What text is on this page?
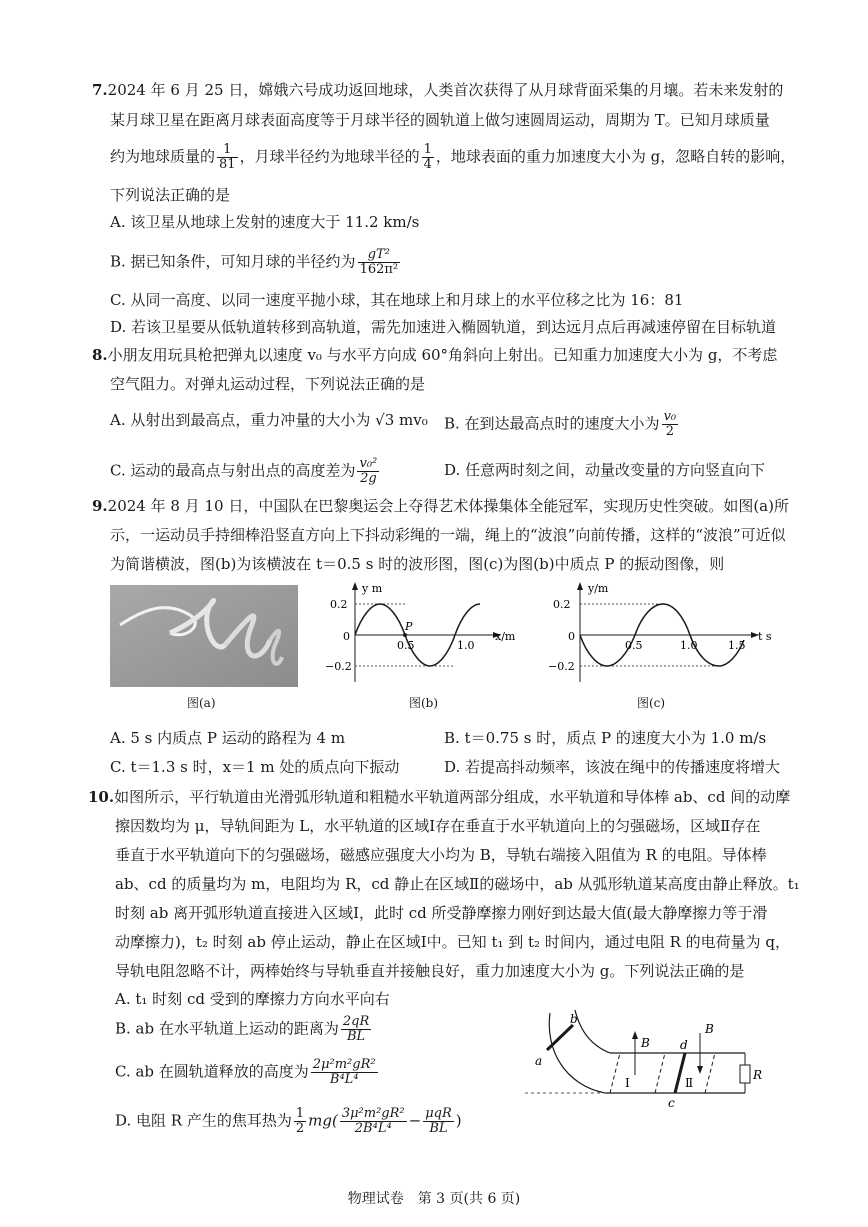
7.2024 年 6 月 25 日，嫦娥六号成功返回地球，人类首次获得了从月球背面采集的月壤。若未来发射的
某月球卫星在距离月球表面高度等于月球半径的圆轨道上做匀速圆周运动，周期为 T。已知月球质量
约为地球质量的 $\frac{1}{81}$ ，月球半径约为地球半径的 $\frac{1}{4}$ ，地球表面的重力加速度大小为 g，忽略自转的影响，
下列说法正确的是
A. 该卫星从地球上发射的速度大于 11.2 km/s
B. 据已知条件，可知月球的半径约为 $\frac{\text{gT²}}{\text{162π²}}$
C. 从同一高度、以同一速度平抛小球，其在地球上和月球上的水平位移之比为 16：81
D. 若该卫星要从低轨道转移到高轨道，需先加速进入椭圆轨道，到达远月点后再减速停留在目标轨道
8.小朋友用玩具枪把弹丸以速度 v₀ 与水平方向成 60°角斜向上射出。已知重力加速度大小为 g，不考虑
空气阻力。对弹丸运动过程，下列说法正确的是
A. 从射出到最高点，重力冲量的大小为 √3 mv₀ B. 在到达最高点时的速度大小为 $\frac{\text{v₀}}{2}$
C. 运动的最高点与射出点的高度差为 $\frac{\text{v₀²}}{2g}$	D. 任意两时刻之间，动量改变量的方向竖直向下
9.2024 年 8 月 10 日，中国队在巴黎奥运会上夺得艺术体操集体全能冠军，实现历史性突破。如图(a)所
示，一运动员手持细棒沿竖直方向上下抖动彩绳的一端，绳上的“波浪”向前传播，这样的“波浪”可近似
为简谐横波，图(b)为该横波在 t＝0.5 s 时的波形图，图(c)为图(b)中质点 P 的振动图像，则
图(a)
y m
0.2
0
−0.2
0.5	1.0
P
x/m
图(b)
y/m
0.2
0
−0.2
0.5	1.0	1.5
t s
图(c)
A. 5 s 内质点 P 运动的路程为 4 m	B. t＝0.75 s 时，质点 P 的速度大小为 1.0 m/s
C. t＝1.3 s 时，x＝1 m 处的质点向下振动	D. 若提高抖动频率，该波在绳中的传播速度将增大
10.如图所示，平行轨道由光滑弧形轨道和粗糙水平轨道两部分组成，水平轨道和导体棒 ab、cd 间的动摩
擦因数均为 μ，导轨间距为 L，水平轨道的区域Ⅰ存在垂直于水平轨道向上的匀强磁场，区域Ⅱ存在
垂直于水平轨道向下的匀强磁场，磁感应强度大小均为 B，导轨右端接入阻值为 R 的电阻。导体棒
ab、cd 的质量均为 m，电阻均为 R，cd 静止在区域Ⅱ的磁场中，ab 从弧形轨道某高度由静止释放。t₁
时刻 ab 离开弧形轨道直接进入区域Ⅰ，此时 cd 所受静摩擦力刚好到达最大值(最大静摩擦力等于滑
动摩擦力)，t₂ 时刻 ab 停止运动，静止在区域Ⅰ中。已知 t₁ 到 t₂ 时间内，通过电阻 R 的电荷量为 q，
导轨电阻忽略不计，两棒始终与导轨垂直并接触良好，重力加速度大小为 g。下列说法正确的是
A. t₁ 时刻 cd 受到的摩擦力方向水平向右
B. ab 在水平轨道上运动的距离为 $\frac{2qR}{BL}$
C. ab 在圆轨道释放的高度为 $\frac{\text{2μ²m²gR²}}{\text{B⁴L⁴}}$
D. 电阻 R 产生的焦耳热为 $\frac{1}{2} mg( \frac{\text{3μ²m²gR²}}{\text{2B⁴L⁴}} - \frac{\text{μqR}}{BL}$ )
a
b
c
d
B
B
R
Ⅰ	Ⅱ
物理试卷　第 3 页(共 6 页)
